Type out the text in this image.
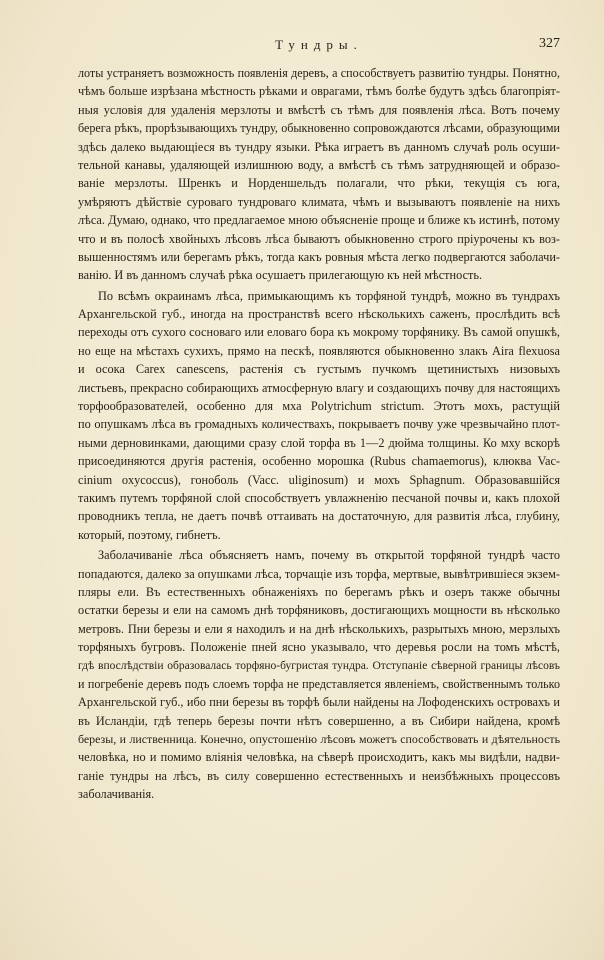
Тундры.	327
лоты устраняетъ возможность появленія деревъ, а способствуетъ развитію тундры. Понятно,
чѣмъ больше изрѣзана мѣстность рѣками и оврагами, тѣмъ болѣе будутъ здѣсь благопріят-
ныя условія для удаленія мерзлоты и вмѣстѣ съ тѣмъ для появленія лѣса. Вотъ почему
берега рѣкъ, прорѣзывающихъ тундру, обыкновенно сопровождаются лѣсами, образующими
здѣсь далеко выдающіеся въ тундру языки. Рѣка играетъ въ данномъ случаѣ роль осуши-
тельной канавы, удаляющей излишнюю воду, а вмѣстѣ съ тѣмъ затрудняющей и образо-
ваніе мерзлоты. Шренкъ и Норденшельдъ полагали, что рѣки, текущія съ юга,
умѣряютъ дѣйствіе суроваго тундроваго климата, чѣмъ и вызываютъ появленіе на нихъ
лѣса. Думаю, однако, что предлагаемое мною объясненіе проще и ближе къ истинѣ, потому
что и въ полосѣ хвойныхъ лѣсовъ лѣса бываютъ обыкновенно строго пріурочены къ воз-
вышенностямъ или берегамъ рѣкъ, тогда какъ ровныя мѣста легко подвергаются заболачи-
ванію. И въ данномъ случаѣ рѣка осушаетъ прилегающую къ ней мѣстность.
По всѣмъ окраинамъ лѣса, примыкающимъ къ торфяной тундрѣ, можно въ тундрахъ
Архангельской губ., иногда на пространствѣ всего нѣсколькихъ саженъ, прослѣдить всѣ
переходы отъ сухого сосноваго или еловаго бора къ мокрому торфянику. Въ самой опушкѣ,
но еще на мѣстахъ сухихъ, прямо на пескѣ, появляются обыкновенно злакъ Aira flexuosa
и осока Carex canescens, растенія съ густымъ пучкомъ щетинистыхъ низовыхъ
листьевъ, прекрасно собирающихъ атмосферную влагу и создающихъ почву для настоящихъ
торфообразователей, особенно для мха Polytrichum strictum. Этотъ мохъ, растущій
по опушкамъ лѣса въ громадныхъ количествахъ, покрываетъ почву уже чрезвычайно плот-
ными дерновинками, дающими сразу слой торфа въ 1—2 дюйма толщины. Ко мху вскорѣ
присоединяются другія растенія, особенно морошка (Rubus chamaemorus), клюква Vac-
cinium oxycoccus), гоноболь (Vacc. uliginosum) и мохъ Sphagnum. Образовавшійся
такимъ путемъ торфяной слой способствуетъ увлажненію песчаной почвы и, какъ плохой
проводникъ тепла, не даетъ почвѣ оттаивать на достаточную, для развитія лѣса, глубину,
который, поэтому, гибнетъ.
Заболачиваніе лѣса объясняетъ намъ, почему въ открытой торфяной тундрѣ часто
попадаются, далеко за опушками лѣса, торчащіе изъ торфа, мертвые, вывѣтрившіеся экзем-
пляры ели. Въ естественныхъ обнаженіяхъ по берегамъ рѣкъ и озеръ также обычны
остатки березы и ели на самомъ днѣ торфяниковъ, достигающихъ мощности въ нѣсколько
метровъ. Пни березы и ели я находилъ и на днѣ нѣсколькихъ, разрытыхъ мною, мерзлыхъ
торфяныхъ бугровъ. Положеніе пней ясно указывало, что деревья росли на томъ мѣстѣ,
гдѣ впослѣдствіи образовалась торфяно-бугристая тундра. Отступаніе сѣверной границы лѣсовъ
и погребеніе деревъ подъ слоемъ торфа не представляется явленіемъ, свойственнымъ только
Архангельской губ., ибо пни березы въ торфѣ были найдены на Лофоденскихъ островахъ и
въ Исландіи, гдѣ теперь березы почти нѣтъ совершенно, а въ Сибири найдена, кромѣ
березы, и лиственница. Конечно, опустошенію лѣсовъ можетъ способствовать и дѣятельность
человѣка, но и помимо вліянія человѣка, на сѣверѣ происходитъ, какъ мы видѣли, надви-
ганіе тундры на лѣсъ, въ силу совершенно естественныхъ и неизбѣжныхъ процессовъ
заболачиванія.
